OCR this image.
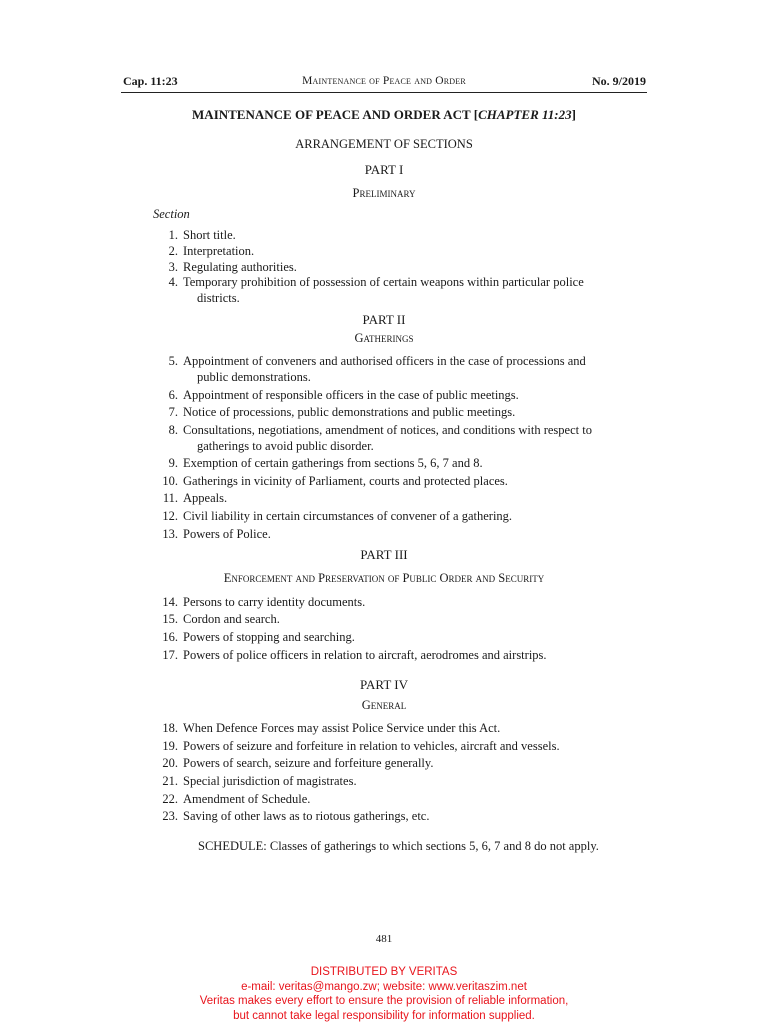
Cap. 11:23	Maintenance of Peace and Order	No. 9/2019
MAINTENANCE OF PEACE AND ORDER ACT [CHAPTER 11:23]
ARRANGEMENT OF SECTIONS
PART I
Preliminary
Section
1. Short title.
2. Interpretation.
3. Regulating authorities.
4. Temporary prohibition of possession of certain weapons within particular police districts.
PART II
Gatherings
5. Appointment of conveners and authorised officers in the case of processions and public demonstrations.
6. Appointment of responsible officers in the case of public meetings.
7. Notice of processions, public demonstrations and public meetings.
8. Consultations, negotiations, amendment of notices, and conditions with respect to gatherings to avoid public disorder.
9. Exemption of certain gatherings from sections 5, 6, 7 and 8.
10. Gatherings in vicinity of Parliament, courts and protected places.
11. Appeals.
12. Civil liability in certain circumstances of convener of a gathering.
13. Powers of Police.
PART III
Enforcement and Preservation of Public Order and Security
14. Persons to carry identity documents.
15. Cordon and search.
16. Powers of stopping and searching.
17. Powers of police officers in relation to aircraft, aerodromes and airstrips.
PART IV
General
18. When Defence Forces may assist Police Service under this Act.
19. Powers of seizure and forfeiture in relation to vehicles, aircraft and vessels.
20. Powers of search, seizure and forfeiture generally.
21. Special jurisdiction of magistrates.
22. Amendment of Schedule.
23. Saving of other laws as to riotous gatherings, etc.
SCHEDULE: Classes of gatherings to which sections 5, 6, 7 and 8 do not apply.
481
DISTRIBUTED BY VERITAS
e-mail: veritas@mango.zw; website: www.veritaszim.net
Veritas makes every effort to ensure the provision of reliable information,
but cannot take legal responsibility for information supplied.
